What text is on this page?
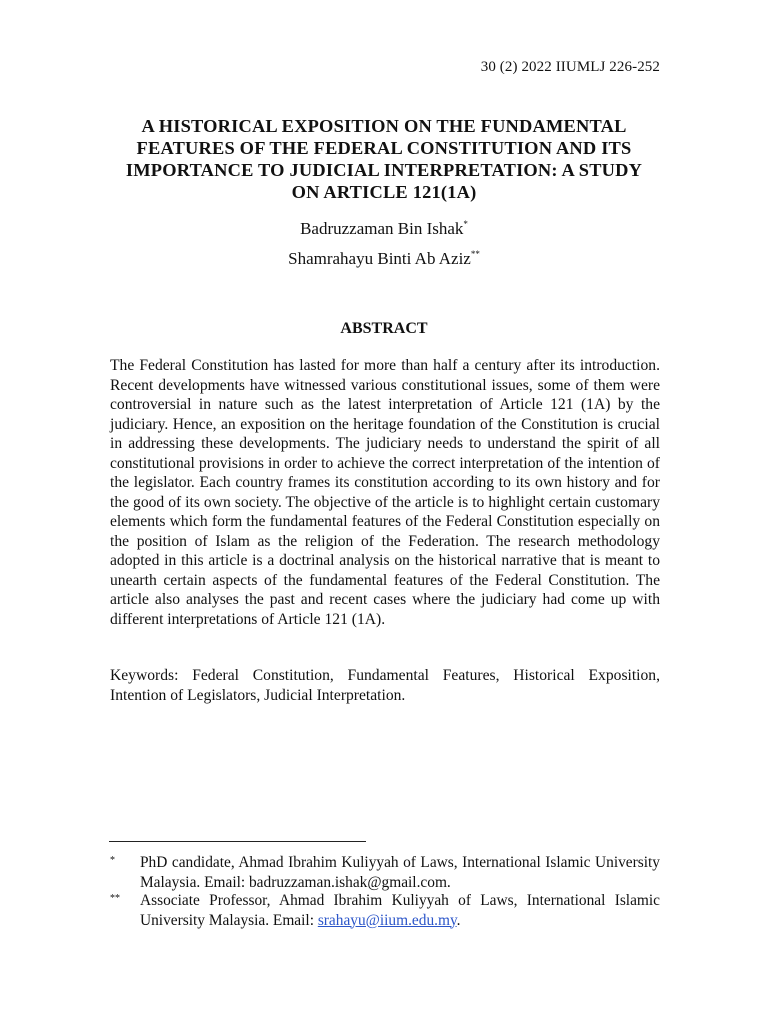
30 (2) 2022 IIUMLJ 226-252
A HISTORICAL EXPOSITION ON THE FUNDAMENTAL
FEATURES OF THE FEDERAL CONSTITUTION AND ITS
IMPORTANCE TO JUDICIAL INTERPRETATION: A STUDY
ON ARTICLE 121(1A)
Badruzzaman Bin Ishak*
Shamrahayu Binti Ab Aziz**
ABSTRACT

The Federal Constitution has lasted for more than half a century after its introduction. Recent developments have witnessed various constitutional issues, some of them were controversial in nature such as the latest interpretation of Article 121 (1A) by the judiciary. Hence, an exposition on the heritage foundation of the Constitution is crucial in addressing these developments. The judiciary needs to understand the spirit of all constitutional provisions in order to achieve the correct interpretation of the intention of the legislator. Each country frames its constitution according to its own history and for the good of its own society. The objective of the article is to highlight certain customary elements which form the fundamental features of the Federal Constitution especially on the position of Islam as the religion of the Federation. The research methodology adopted in this article is a doctrinal analysis on the historical narrative that is meant to unearth certain aspects of the fundamental features of the Federal Constitution. The article also analyses the past and recent cases where the judiciary had come up with different interpretations of Article 121 (1A).

Keywords: Federal Constitution, Fundamental Features, Historical Exposition, Intention of Legislators, Judicial Interpretation.

* PhD candidate, Ahmad Ibrahim Kuliyyah of Laws, International Islamic University Malaysia. Email: badruzzaman.ishak@gmail.com.
** Associate Professor, Ahmad Ibrahim Kuliyyah of Laws, International Islamic University Malaysia. Email: srahayu@iium.edu.my.
